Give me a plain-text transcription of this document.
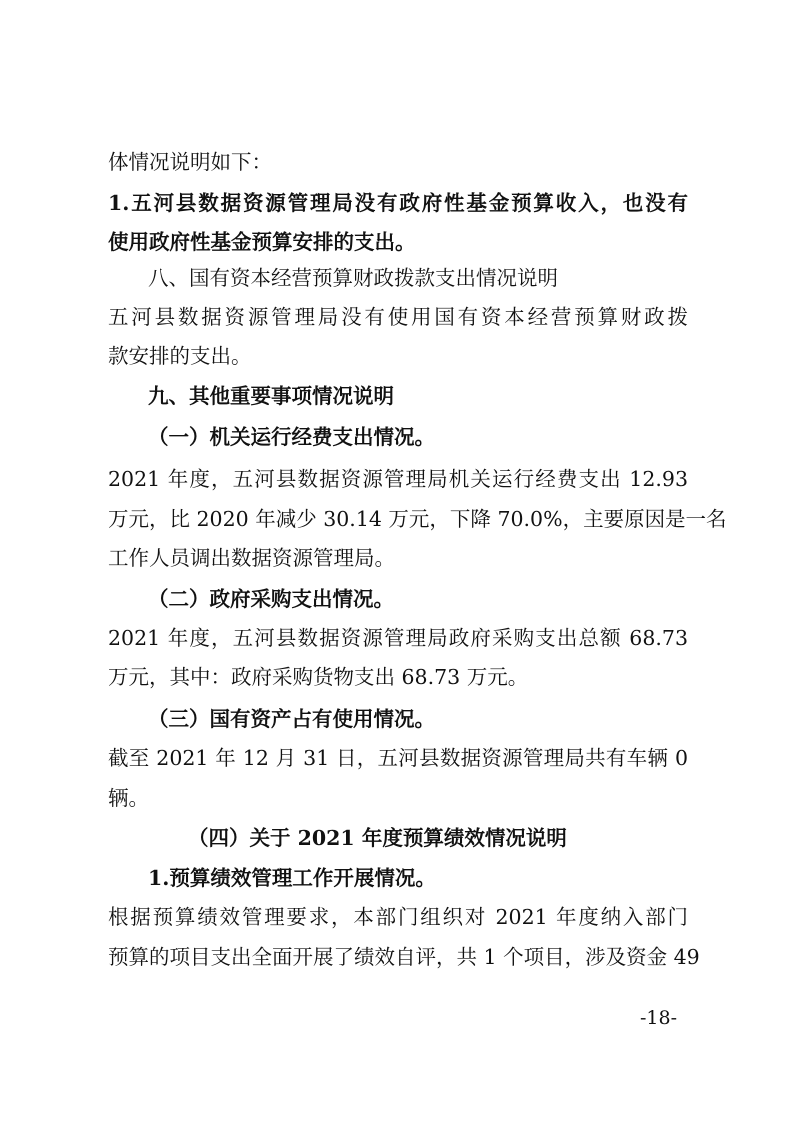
体情况说明如下：
1.五河县数据资源管理局没有政府性基金预算收入，也没有
使用政府性基金预算安排的支出。
八、国有资本经营预算财政拨款支出情况说明
五河县数据资源管理局没有使用国有资本经营预算财政拨
款安排的支出。
九、其他重要事项情况说明
（一）机关运行经费支出情况。
2021 年度，五河县数据资源管理局机关运行经费支出 12.93
万元，比 2020 年减少 30.14 万元，下降 70.0%，主要原因是一名
工作人员调出数据资源管理局。
（二）政府采购支出情况。
2021 年度，五河县数据资源管理局政府采购支出总额 68.73
万元，其中：政府采购货物支出 68.73 万元。
（三）国有资产占有使用情况。
截至 2021 年 12 月 31 日，五河县数据资源管理局共有车辆 0
辆。
（四）关于 2021 年度预算绩效情况说明
1.预算绩效管理工作开展情况。
根据预算绩效管理要求，本部门组织对 2021 年度纳入部门
预算的项目支出全面开展了绩效自评，共 1 个项目，涉及资金 49
-18-
